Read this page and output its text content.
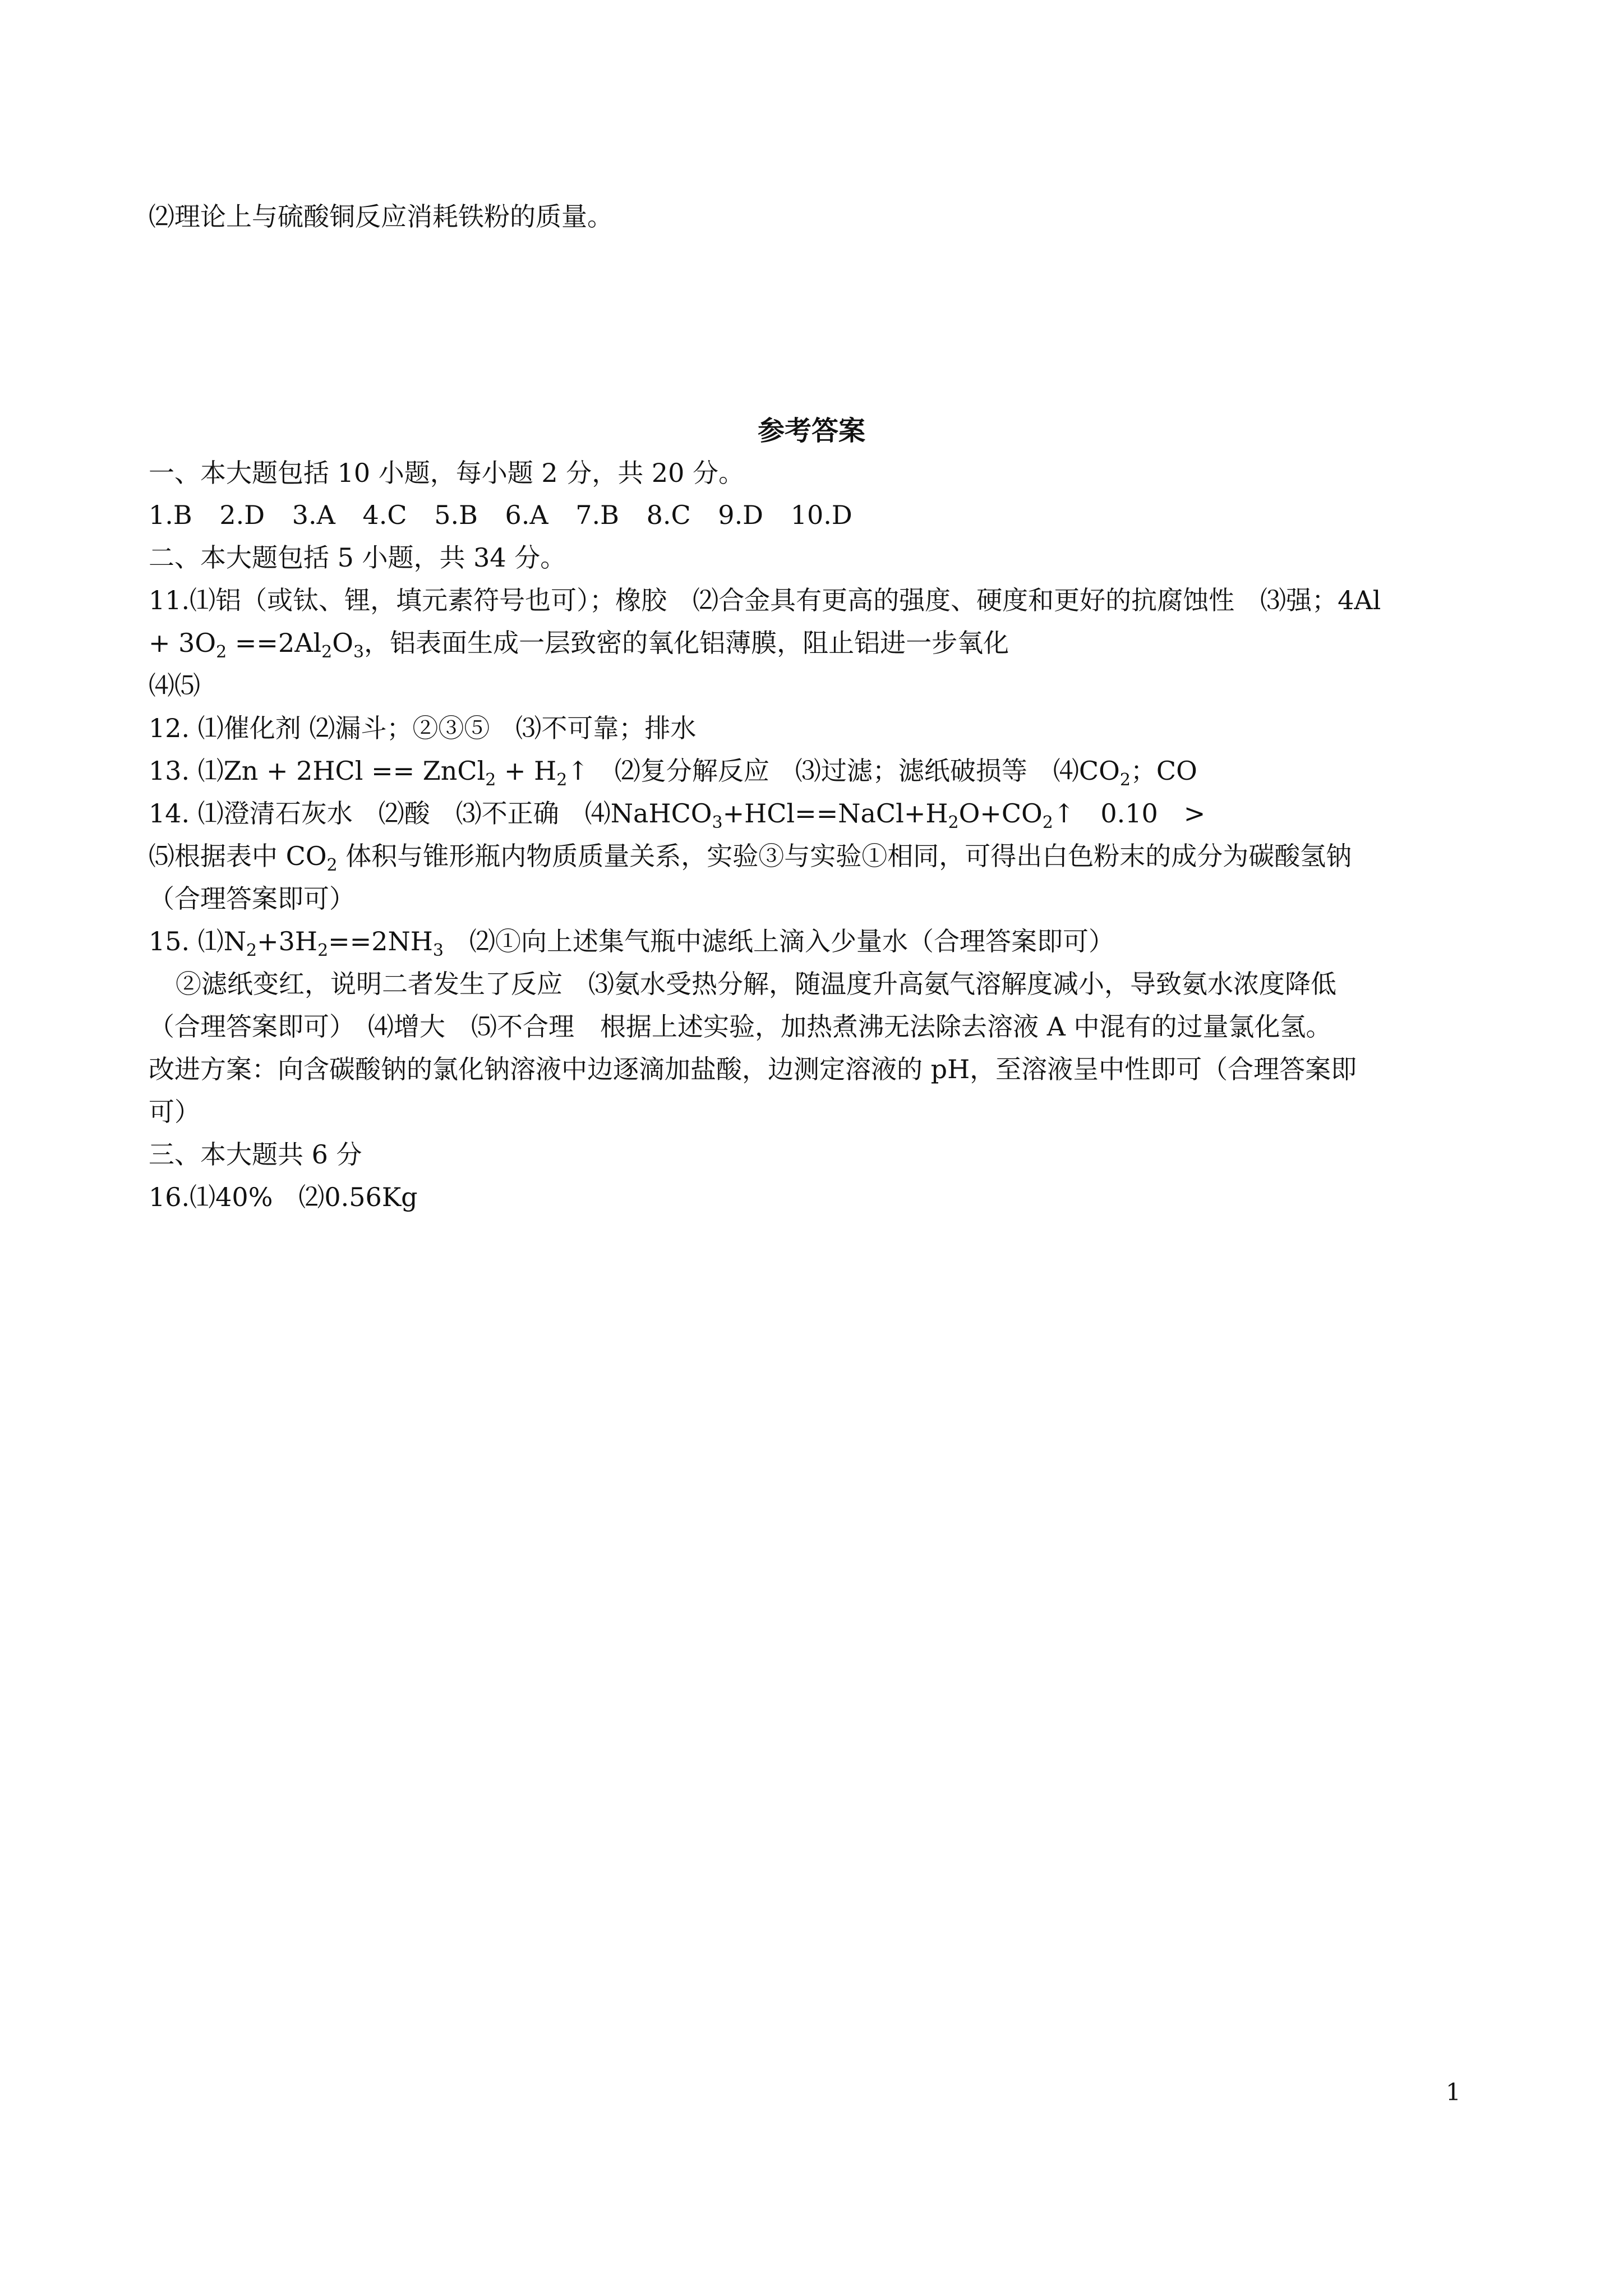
⑵理论上与硫酸铜反应消耗铁粉的质量。
参考答案
一、本大题包括 10 小题，每小题 2 分，共 20 分。
1.B 2.D 3.A 4.C 5.B 6.A 7.B 8.C 9.D 10.D
二、本大题包括 5 小题，共 34 分。
11.⑴铝（或钛、锂，填元素符号也可）；橡胶　⑵合金具有更高的强度、硬度和更好的抗腐蚀性　⑶强；4Al
+ $3O_2 ==2Al_2O_3$，铝表面生成一层致密的氧化铝薄膜，阻止铝进一步氧化
⑷⑸
12. ⑴催化剂 ⑵漏斗；②③⑤　⑶不可靠；排水
13. ⑴Zn + 2HCl == ZnCl$_2$ + $H_2↑$　⑵复分解反应　⑶过滤；滤纸破损等　$⑷CO_2$；CO
14. ⑴澄清石灰水　⑵酸　⑶不正确　$⑷NaHCO_3+HCl==NaCl+H_2O+CO_2↑$　0.10　>
⑸根据表中 $CO_2$ 体积与锥形瓶内物质质量关系，实验③与实验①相同，可得出白色粉末的成分为碳酸氢钠
（合理答案即可）
15. $⑴N_2+3H_2==2NH_3$　⑵①向上述集气瓶中滤纸上滴入少量水（合理答案即可）
②滤纸变红，说明二者发生了反应　⑶氨水受热分解，随温度升高氨气溶解度减小，导致氨水浓度降低
（合理答案即可）　⑷增大　⑸不合理　根据上述实验，加热煮沸无法除去溶液 A 中混有的过量氯化氢。
改进方案：向含碳酸钠的氯化钠溶液中边逐滴加盐酸，边测定溶液的 pH，至溶液呈中性即可（合理答案即
可）
三、本大题共 6 分
16.⑴40%　⑵0.56Kg
1
